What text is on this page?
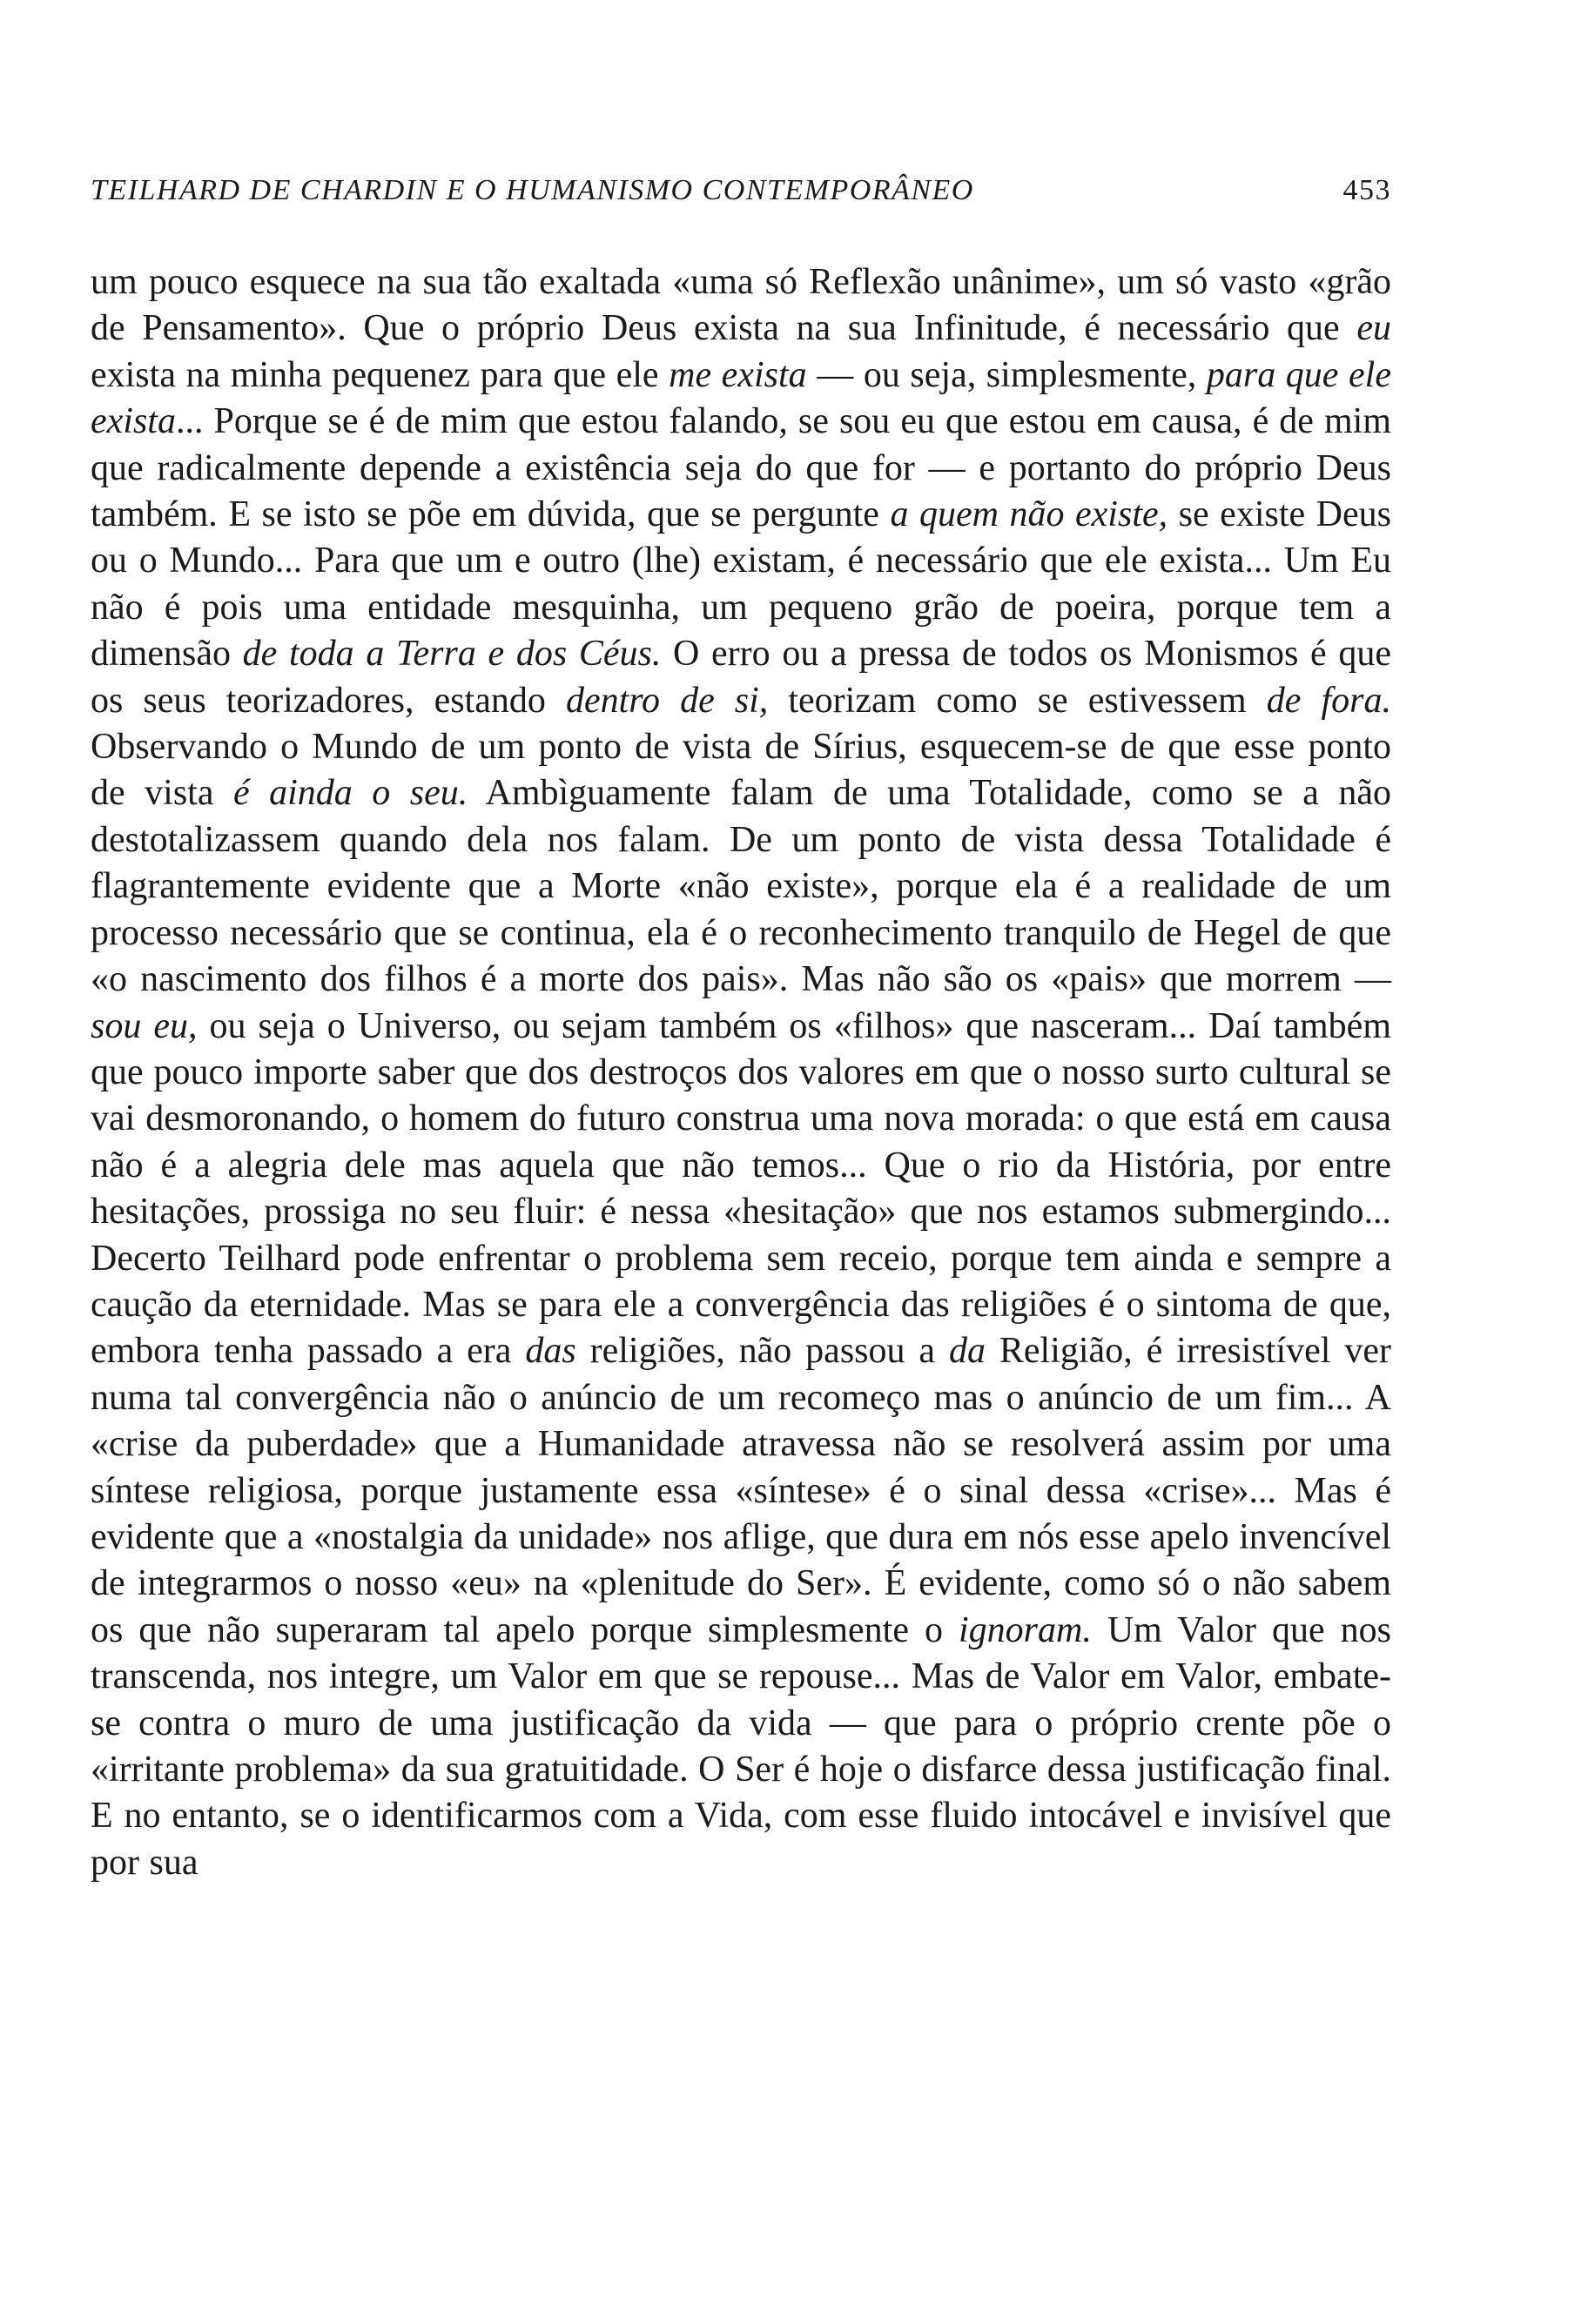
TEILHARD DE CHARDIN E O HUMANISMO CONTEMPORÂNEO	453

um pouco esquece na sua tão exaltada «uma só Reflexão unânime», um só vasto «grão de Pensamento». Que o próprio Deus exista na sua Infinitude, é necessário que eu exista na minha pequenez para que ele me exista — ou seja, simplesmente, para que ele exista... Porque se é de mim que estou falando, se sou eu que estou em causa, é de mim que radicalmente depende a existência seja do que for — e portanto do próprio Deus também. E se isto se põe em dúvida, que se pergunte a quem não existe, se existe Deus ou o Mundo... Para que um e outro (lhe) existam, é necessário que ele exista... Um Eu não é pois uma entidade mesquinha, um pequeno grão de poeira, porque tem a dimensão de toda a Terra e dos Céus. O erro ou a pressa de todos os Monismos é que os seus teorizadores, estando dentro de si, teorizam como se estivessem de fora. Observando o Mundo de um ponto de vista de Sírius, esquecem-se de que esse ponto de vista é ainda o seu. Ambìguamente falam de uma Totalidade, como se a não destotalizassem quando dela nos falam. De um ponto de vista dessa Totalidade é flagrantemente evidente que a Morte «não existe», porque ela é a realidade de um processo necessário que se continua, ela é o reconhecimento tranquilo de Hegel de que «o nascimento dos filhos é a morte dos pais». Mas não são os «pais» que morrem — sou eu, ou seja o Universo, ou sejam também os «filhos» que nasceram... Daí também que pouco importe saber que dos destroços dos valores em que o nosso surto cultural se vai desmoronando, o homem do futuro construa uma nova morada: o que está em causa não é a alegria dele mas aquela que não temos... Que o rio da História, por entre hesitações, prossiga no seu fluir: é nessa «hesitação» que nos estamos submergindo... Decerto Teilhard pode enfrentar o problema sem receio, porque tem ainda e sempre a caução da eternidade. Mas se para ele a convergência das religiões é o sintoma de que, embora tenha passado a era das religiões, não passou a da Religião, é irresistível ver numa tal convergência não o anúncio de um recomeço mas o anúncio de um fim... A «crise da puberdade» que a Humanidade atravessa não se resolverá assim por uma síntese religiosa, porque justamente essa «síntese» é o sinal dessa «crise»... Mas é evidente que a «nostalgia da unidade» nos aflige, que dura em nós esse apelo invencível de integrarmos o nosso «eu» na «plenitude do Ser». É evidente, como só o não sabem os que não superaram tal apelo porque simplesmente o ignoram. Um Valor que nos transcenda, nos integre, um Valor em que se repouse... Mas de Valor em Valor, embate-se contra o muro de uma justificação da vida — que para o próprio crente põe o «irritante problema» da sua gratuitidade. O Ser é hoje o disfarce dessa justificação final. E no entanto, se o identificarmos com a Vida, com esse fluido intocável e invisível que por sua
